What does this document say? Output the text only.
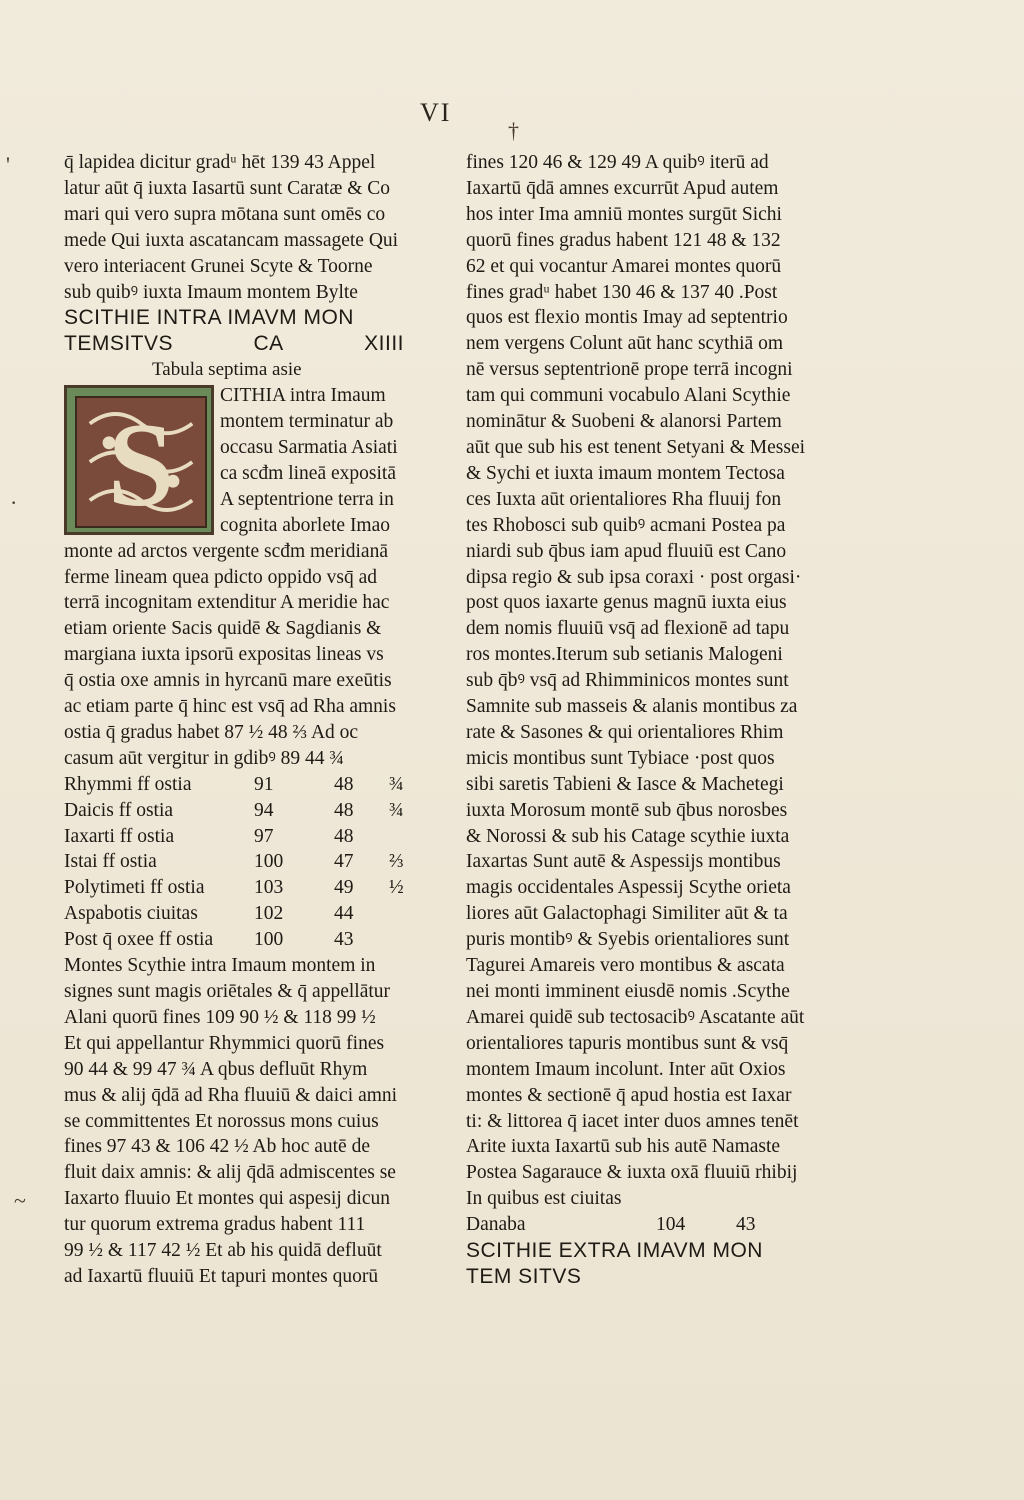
VI
'
·
~
†
q̄ lapidea dicitur gradᵘ hēt 139 43 Appel
latur aūt q̄ iuxta Iasartū sunt Caratæ & Co
mari qui vero supra mōtana sunt omēs co
mede Qui iuxta ascatancam massagete Qui
vero interiacent Grunei Scyte & Toorne
sub quibꝰ iuxta Imaum montem Bylte
SCITHIE INTRA IMAVM MON
TEMSITVS	CA	XIIII
Tabula septima asie
S
CITHIA intra Imaum
montem terminatur ab
occasu Sarmatia Asiati
ca scđm lineā expositā
A septentrione terra in
cognita aborlete Imao
monte ad arctos vergente scđm meridianā
ferme lineam quea pdicto oppido vsq̄ ad
terrā incognitam extenditur A meridie hac
etiam oriente Sacis quidē & Sagdianis &
margiana iuxta ipsorū expositas lineas vs
q̄ ostia oxe amnis in hyrcanū mare exeūtis
ac etiam parte q̄ hinc est vsq̄ ad Rha amnis
ostia q̄ gradus habet 87 ½ 48 ⅔ Ad oc
casum aūt vergitur in gdibꝰ 89 44 ¾
Rhymmi ff ostia	91	48	¾
Daicis ff ostia	94	48	¾
Iaxarti ff ostia	97	48
Istai ff ostia	100	47	⅔
Polytimeti ff ostia	103	49	½
Aspabotis ciuitas	102	44
Post q̄ oxee ff ostia	100	43
Montes Scythie intra Imaum montem in
signes sunt magis oriētales & q̄ appellātur
Alani quorū fines 109 90 ½ & 118 99 ½
Et qui appellantur Rhymmici quorū fines
90 44 & 99 47 ¾ A qbus defluūt Rhym
mus & alij q̄dā ad Rha fluuiū & daici amni
se committentes Et norossus mons cuius
fines 97 43 & 106 42 ½ Ab hoc autē de
fluit daix amnis: & alij q̄dā admiscentes se
Iaxarto fluuio Et montes qui aspesij dicun
tur quorum extrema gradus habent 111
99 ½ & 117 42 ½ Et ab his quidā defluūt
ad Iaxartū fluuiū Et tapuri montes quorū
fines 120 46 & 129 49 A quibꝰ iterū ad
Iaxartū q̄dā amnes excurrūt Apud autem
hos inter Ima amniū montes surgūt Sichi
quorū fines gradus habent 121 48 & 132
62 et qui vocantur Amarei montes quorū
fines gradᵘ habet 130 46 & 137 40 .Post
quos est flexio montis Imay ad septentrio
nem vergens Colunt aūt hanc scythiā om
nē versus septentrionē prope terrā incogni
tam qui communi vocabulo Alani Scythie
nominātur & Suobeni & alanorsi Partem
aūt que sub his est tenent Setyani & Messei
& Sychi et iuxta imaum montem Tectosa
ces Iuxta aūt orientaliores Rha fluuij fon
tes Rhobosci sub quibꝰ acmani Postea pa
niardi sub q̄bus iam apud fluuiū est Cano
dipsa regio & sub ipsa coraxi · post orgasi·
post quos iaxarte genus magnū iuxta eius
dem nomis fluuiū vsq̄ ad flexionē ad tapu
ros montes.Iterum sub setianis Malogeni
sub q̄bꝰ vsq̄ ad Rhimminicos montes sunt
Samnite sub masseis & alanis montibus za
rate & Sasones & qui orientaliores Rhim
micis montibus sunt Tybiace ·post quos
sibi saretis Tabieni & Iasce & Machetegi
iuxta Morosum montē sub q̄bus norosbes
& Norossi & sub his Catage scythie iuxta
Iaxartas Sunt autē & Aspessijs montibus
magis occidentales Aspessij Scythe orieta
liores aūt Galactophagi Similiter aūt & ta
puris montibꝰ & Syebis orientaliores sunt
Tagurei Amareis vero montibus & ascata
nei monti imminent eiusdē nomis .Scythe
Amarei quidē sub tectosacibꝰ Ascatante aūt
orientaliores tapuris montibus sunt & vsq̄
montem Imaum incolunt. Inter aūt Oxios
montes & sectionē q̄ apud hostia est Iaxar
ti: & littorea q̄ iacet inter duos amnes tenēt
Arite iuxta Iaxartū sub his autē Namaste
Postea Sagarauce & iuxta oxā fluuiū rhibij
In quibus est ciuitas
Danaba	104	43
SCITHIE EXTRA IMAVM MON
TEM SITVS
